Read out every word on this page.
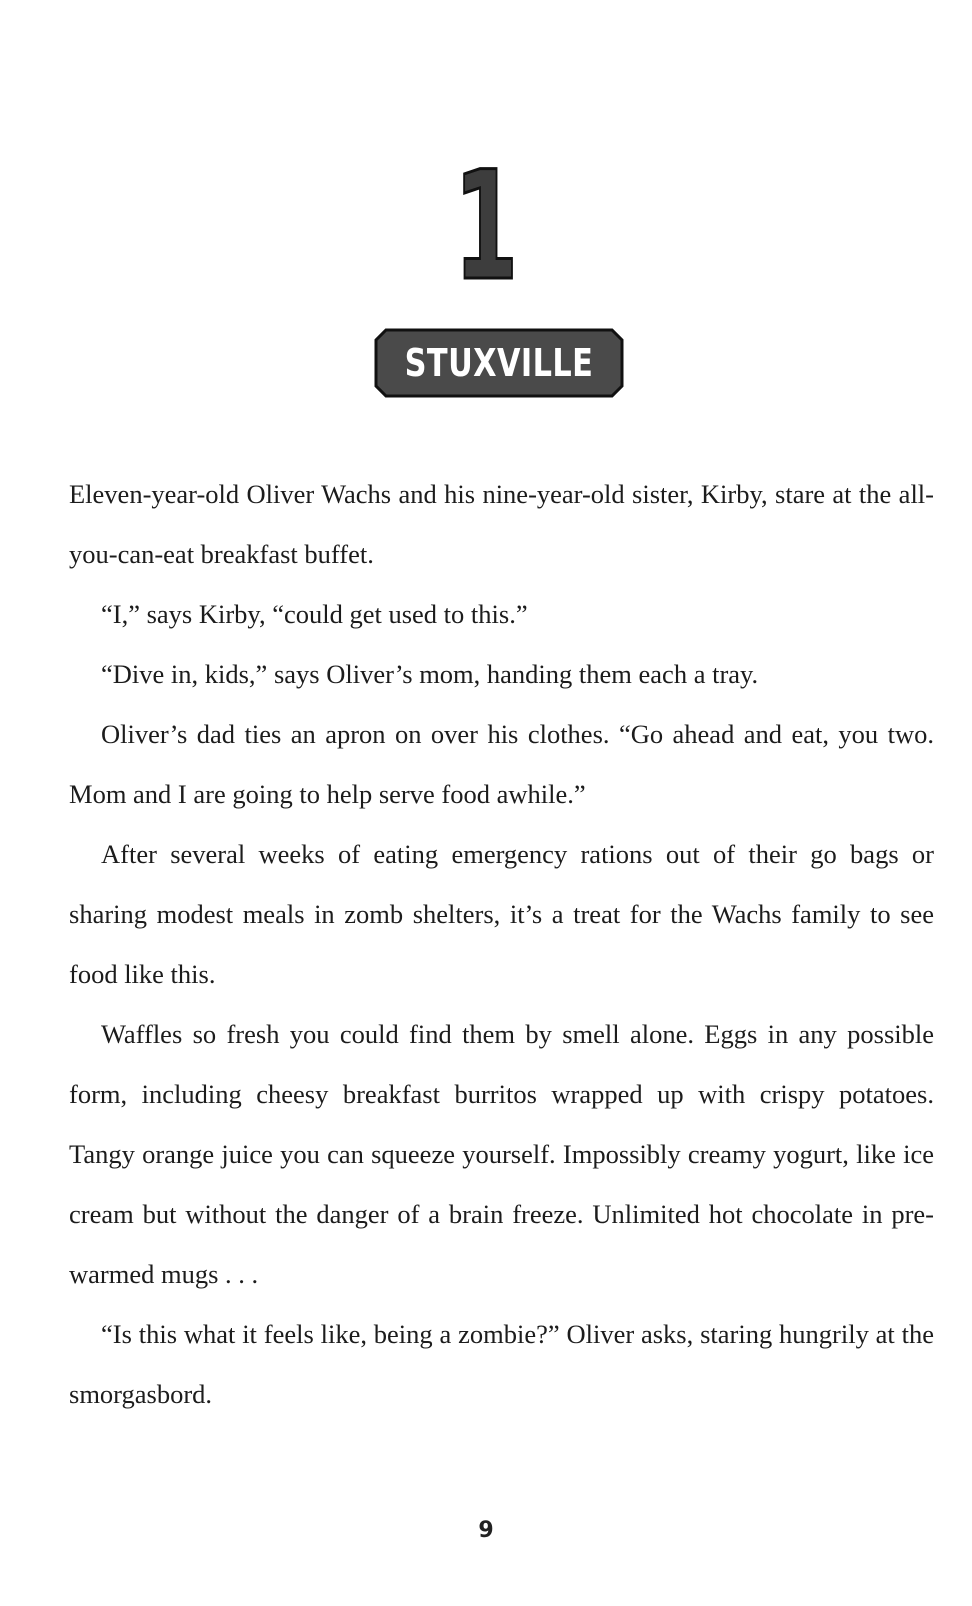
1
STUXVILLE

Eleven-year-old Oliver Wachs and his nine-year-old sister, Kirby, stare at the all-you-can-eat breakfast buffet.

“I,” says Kirby, “could get used to this.”

“Dive in, kids,” says Oliver’s mom, handing them each a tray.

Oliver’s dad ties an apron on over his clothes. “Go ahead and eat, you two. Mom and I are going to help serve food awhile.”

After several weeks of eating emergency rations out of their go bags or sharing modest meals in zomb shelters, it’s a treat for the Wachs family to see food like this.

Waffles so fresh you could find them by smell alone. Eggs in any possible form, including cheesy breakfast burritos wrapped up with crispy potatoes. Tangy orange juice you can squeeze yourself. Impossibly creamy yogurt, like ice cream but without the danger of a brain freeze. Unlimited hot chocolate in pre-warmed mugs . . .

“Is this what it feels like, being a zombie?” Oliver asks, staring hungrily at the smorgasbord.

9
